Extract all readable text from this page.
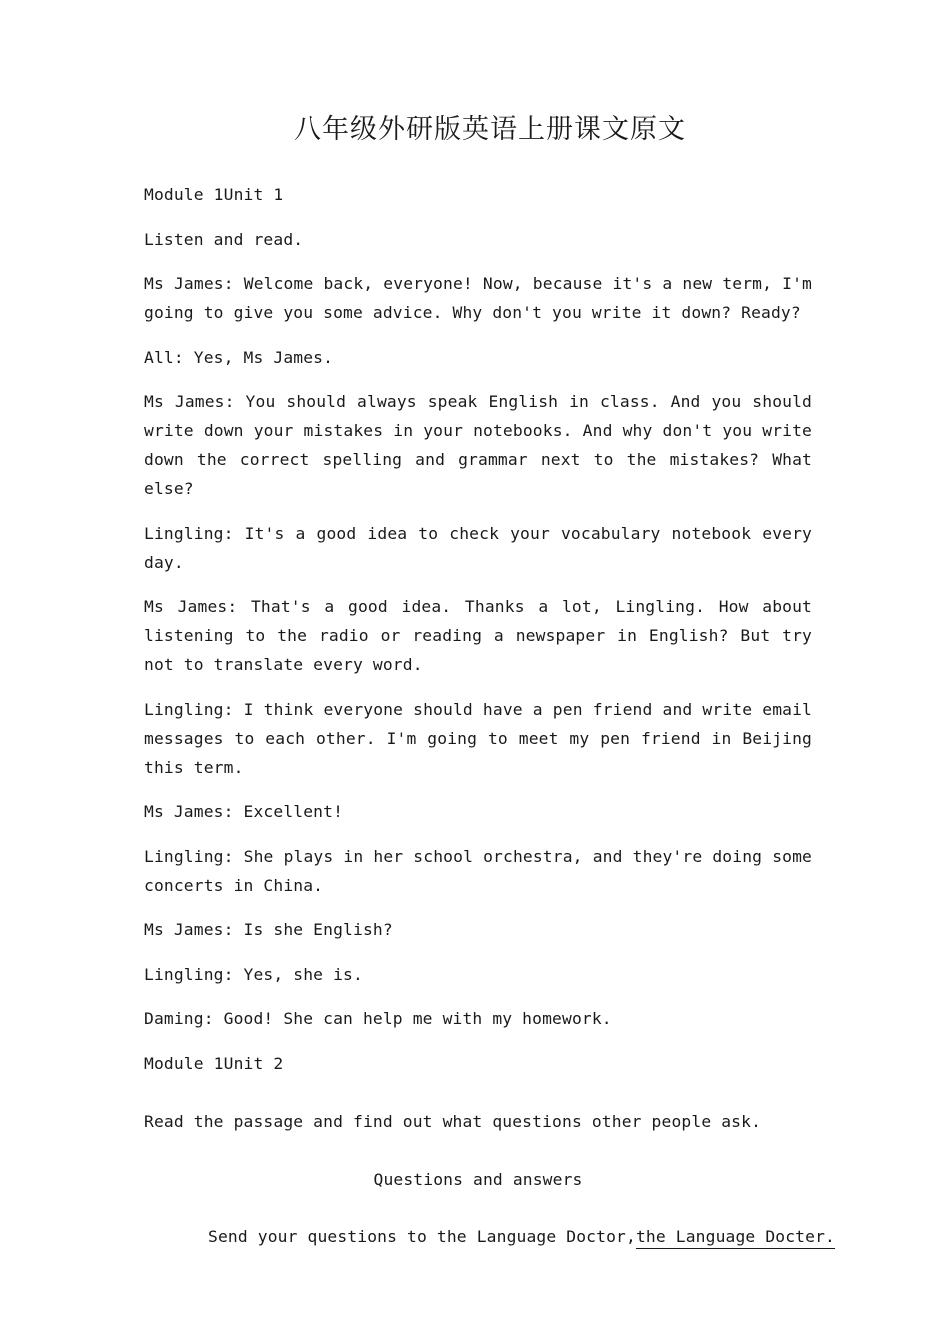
八年级外研版英语上册课文原文

Module 1Unit 1

Listen and read.

Ms James: Welcome back, everyone! Now, because it's a new term, I'm going to give you some advice. Why don't you write it down? Ready?

All: Yes, Ms James.

Ms James: You should always speak English in class. And you should write down your mistakes in your notebooks. And why don't you write down the correct spelling and grammar next to the mistakes? What else?

Lingling: It's a good idea to check your vocabulary notebook every day.

Ms James: That's a good idea. Thanks a lot, Lingling. How about listening to the radio or reading a newspaper in English? But try not to translate every word.

Lingling: I think everyone should have a pen friend and write email messages to each other. I'm going to meet my pen friend in Beijing this term.

Ms James: Excellent!

Lingling: She plays in her school orchestra, and they're doing some concerts in China.

Ms James: Is she English?

Lingling: Yes, she is.

Daming: Good! She can help me with my homework.

Module 1Unit 2

Read the passage and find out what questions other people ask.

Questions and answers

Send your questions to the Language Doctor,the Language Docter.
